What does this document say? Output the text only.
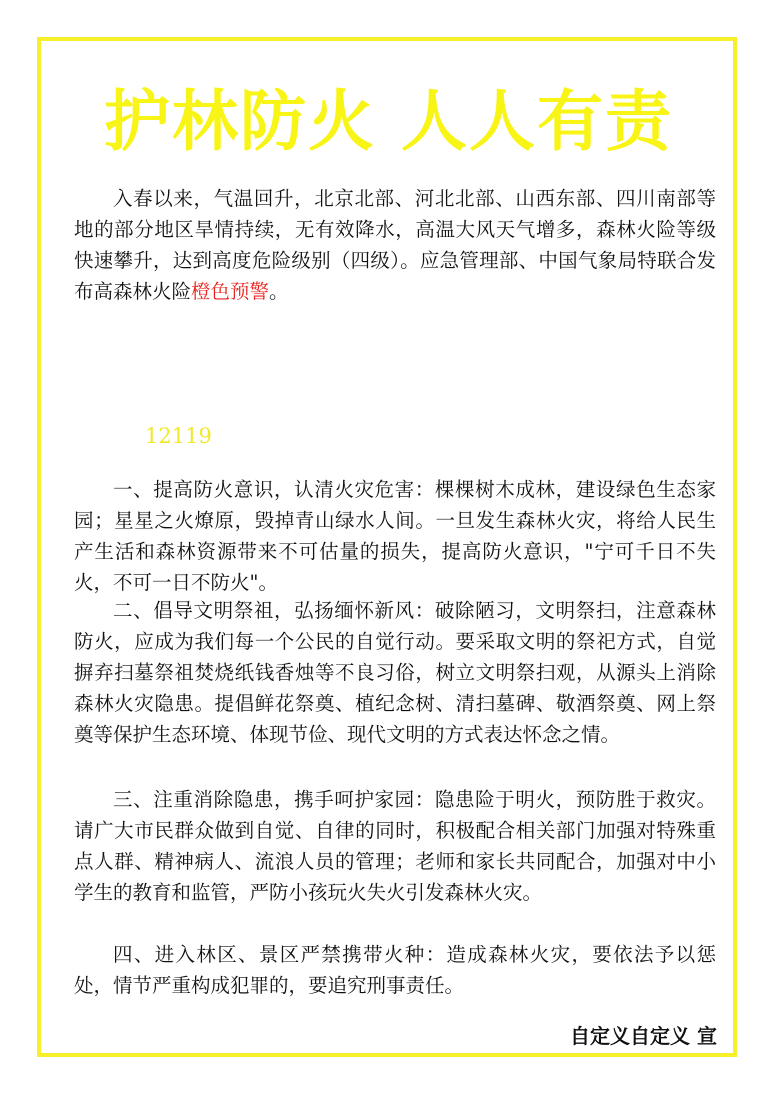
护林防火 人人有责
入春以来，气温回升，北京北部、河北北部、山西东部、四川南部等地的部分地区旱情持续，无有效降水，高温大风天气增多，森林火险等级快速攀升，达到高度危险级别（四级）。应急管理部、中国气象局特联合发布高森林火险橙色预警。
12119
一、提高防火意识，认清火灾危害：棵棵树木成林，建设绿色生态家园；星星之火燎原，毁掉青山绿水人间。一旦发生森林火灾，将给人民生产生活和森林资源带来不可估量的损失，提高防火意识，"宁可千日不失火，不可一日不防火"。
二、倡导文明祭祖，弘扬缅怀新风：破除陋习，文明祭扫，注意森林防火，应成为我们每一个公民的自觉行动。要采取文明的祭祀方式，自觉摒弃扫墓祭祖焚烧纸钱香烛等不良习俗，树立文明祭扫观，从源头上消除森林火灾隐患。提倡鲜花祭奠、植纪念树、清扫墓碑、敬酒祭奠、网上祭奠等保护生态环境、体现节俭、现代文明的方式表达怀念之情。
三、注重消除隐患，携手呵护家园：隐患险于明火，预防胜于救灾。请广大市民群众做到自觉、自律的同时，积极配合相关部门加强对特殊重点人群、精神病人、流浪人员的管理；老师和家长共同配合，加强对中小学生的教育和监管，严防小孩玩火失火引发森林火灾。
四、进入林区、景区严禁携带火种：造成森林火灾，要依法予以惩处，情节严重构成犯罪的，要追究刑事责任。
自定义自定义 宣
